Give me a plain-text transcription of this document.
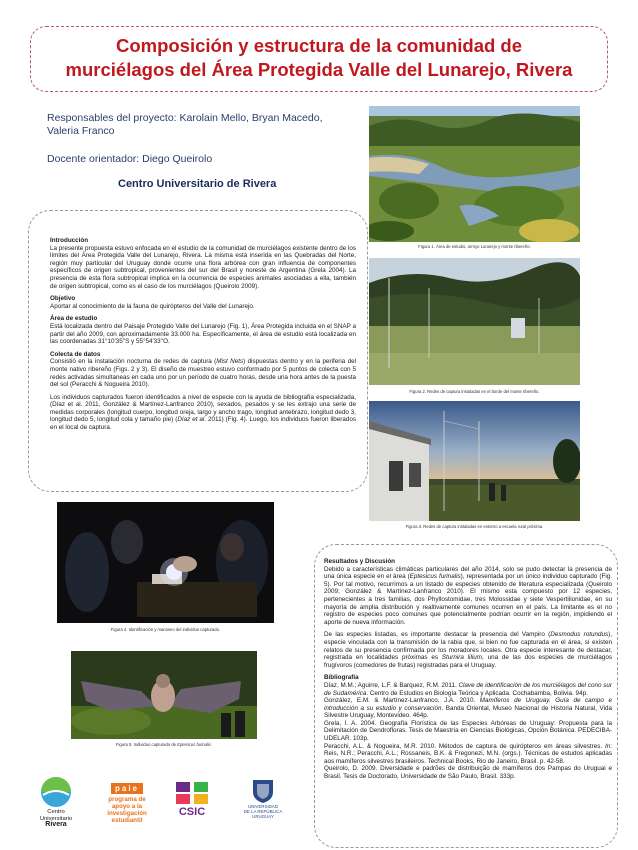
Composición y estructura de la comunidad de
murciélagos del Área Protegida Valle del Lunarejo, Rivera
Responsables del proyecto: Karolain Mello, Bryan Macedo, Valeria Franco
Docente orientador: Diego Queirolo
Centro Universitario de Rivera
Introducción

La presente propuesta estuvo enfocada en el estudio de la comunidad de murciélagos existente dentro de los límites del Área Protegida Valle del Lunarejo, Rivera. La misma está inserida en las Quebradas del Norte, región muy particular del Uruguay donde ocurre una flora arbórea con gran influencia de componentes específicos de origen subtropical, provenientes del sur del Brasil y noreste de Argentina (Grela 2004). La presencia de esta flora subtropical implica en la ocurrencia de especies animales asociadas a ella, también de origen subtropical, como es el caso de los murciélagos (Queirolo 2009).

Objetivo

Aportar al conocimiento de la fauna de quirópteros del Valle del Lunarejo.

Área de estudio

Está localizada dentro del Paisaje Protegido Valle del Lunarejo (Fig. 1), Área Protegida incluida en el SNAP a partir del año 2009, con aproximadamente 33.000 ha. Específicamente, el área de estudio está localizada en las coordenadas 31°10'35''S y 55°54'33''O.

Colecta de datos

Consistió en la instalación nocturna de redes de captura (Mist Nets) dispuestas dentro y en la periferia del monte nativo ribereño (Figs. 2 y 3). El diseño de muestreo estuvo conformado por 5 puntos de colecta con 5 redes activadas simultaneas en cada uno por un período de cuatro horas, desde una hora antes de la puesta del sol (Peracchi & Nogueira 2010).

Los individuos capturados fueron identificados a nivel de especie con la ayuda de bibliografía especializada, (Díaz et al. 2011, González & Martínez-Lanfranco 2010), sexados, pesados y se les extrajo una serie de medidas corporales (longitud cuerpo, longitud oreja, largo y ancho trago, longitud antebrazo, longitud dedo 3, longitud dedo 5, longitud cola y tamaño pie) (Díaz et al. 2011) (Fig. 4). Luego, los individuos fueron liberados en el local de captura.

Figura 1. Área de estudio, arroyo Lunarejo y monte ribereño.
Figura 2. Redes de captura instaladas en el borde del monte ribereño.
Figura 3. Redes de captura instaladas en entorno a escuela rural próxima.
Figura 4. Identificación y manoseo del individuo capturado.
Figura 5. Individuo capturado de Eptesicus furinalis.
Resultados y Discusión

Debido a características climáticas particulares del año 2014, solo se pudo detectar la presencia de una única especie en el área (Eptesicus furinalis), representada por un único individuo capturado (Fig. 5). Por tal motivo, recurrimos a un listado de especies obtenido de literatura especializada (Queirolo 2009; González & Martínez-Lanfranco 2010). El mismo esta compuesto por 12 especies, pertenecientes a tres familias, dos Phyllostomidae, tres Molossidae y siete Vespertilionidae, en su mayoría de amplia distribución y realtivamente comunes ocurren en el país. La limitante es el no registro de especies poco comunes que potencialmente podrían ocurrir en la región, impidiendo el aporte de nueva información.

De las especies listadas, es importante destacar la presencia del Vampiro (Desmodus rotundus), especie vinculada con la transmisión de la rabia que, si bien no fue capturada en el área, sí existen relatos de su presencia confirmada por los moradores locales. Otra especie interesante de destacar, registrada en localidades próximas es Sturnira lilium, una de las dos especies de murciélagos frugívoros (comedores de frutas) registradas para el Uruguay.

Bibliografía

Díaz, M.M.; Aguirre, L.F. & Barquez, R.M. 2011. Clave de identificación de los murciélagos del cono sur de Sudamérica. Centro de Estudios en Biología Teórica y Aplicada. Cochabamba, Bolivia. 94p.

González, E.M. & Martínez-Lanfranco, J.A. 2010. Mamíferos de Uruguay. Guía de campo e introducción a su estudio y conservación. Banda Oriental, Museo Nacional de Historia Natural, Vida Silvestre Uruguay, Montevideo. 464p.

Grela, I. A. 2004. Geografía Florística de las Especies Arbóreas de Uruguay: Propuesta para la Delimitación de Dendrofloras. Tesis de Maestría en Ciencias Biológicas, Opción Botánica. PEDECIBA-UDELAR. 103p.

Peracchi, A.L. & Nogueira, M.R. 2010. Métodos de captura de quirópteros em áreas silvestres. In: Reis, N.R.; Peracchi, A.L.; Rossaneis, B.K. & Fregonezi, M.N. (orgs.). Técnicas de estudos aplicadas aos mamíferos silvestres brasileiros. Technical Books, Rio de Janeiro, Brasil. p. 42-58.

Queirolo, D. 2009. Diversidade e padrões de distribuição de mamíferos dos Pampas do Uruguai e Brasil. Tesis de Doctorado, Universidade de São Paulo, Brasil. 333p.

Centro
Universitario
Rivera
paie
programa de
apoyo a la
investigación
estudiantil
CSIC	UNIVERSIDAD
DE LA REPÚBLICA
URUGUAY
